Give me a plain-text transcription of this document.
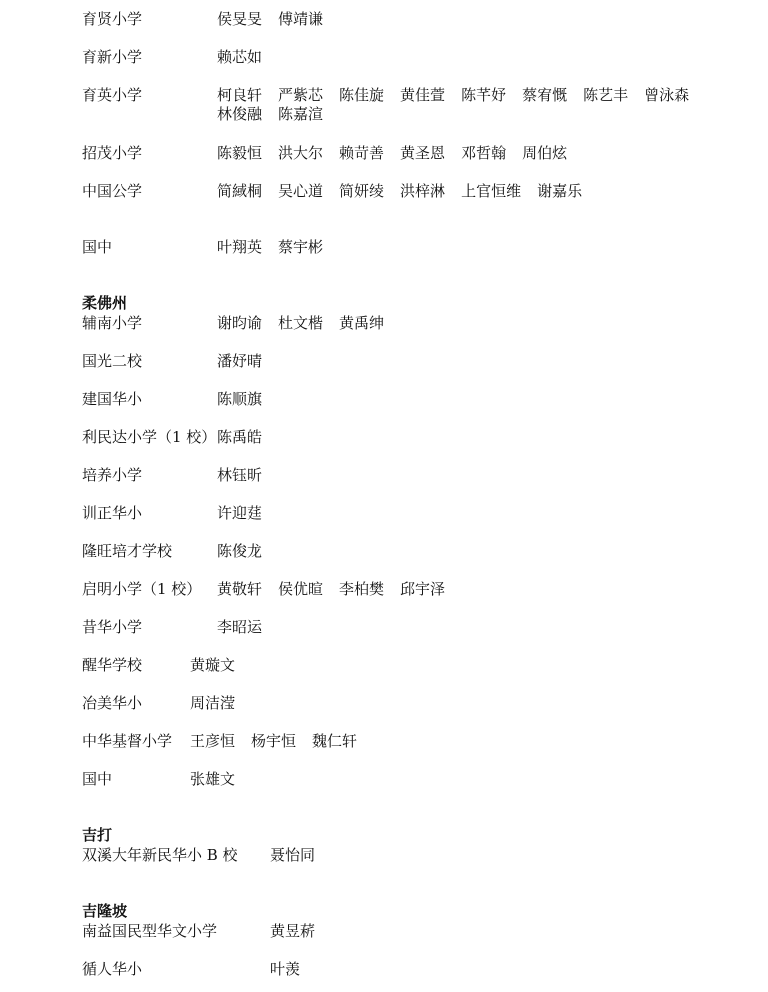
育贤小学	侯旻旻 傅靖谦
育新小学	赖芯如
育英小学	柯良轩 严紫芯 陈佳旋 黄佳萱 陈芊妤 蔡宥慨 陈艺丰 曾泳森
林俊融 陈嘉渲
招茂小学	陈毅恒 洪大尔 赖苛善 黄圣恩 邓哲翰 周伯炫
中国公学	简緎桐 吴心道 简妍绫 洪梓淋 上官恒维 谢嘉乐
国中	叶翔英 蔡宇彬
柔佛州
辅南小学	谢昀谕 杜文楷 黄禹绅
国光二校	潘妤晴
建国华小	陈顺旗
利民达小学（1 校） 陈禹皓
培养小学	林钰昕
训正华小	许迎莛
隆旺培才学校	陈俊龙
启明小学（1 校） 黄敬轩 侯优暄 李柏樊 邱宇泽
昔华小学	李昭运
醒华学校	黄璇文
冶美华小	周洁滢
中华基督小学 王彦恒 杨宇恒 魏仁轩
国中	张雄文
吉打
双溪大年新民华小 B 校 聂怡同
吉隆坡
南益国民型华文小学	黄昱菥
循人华小	叶羡
